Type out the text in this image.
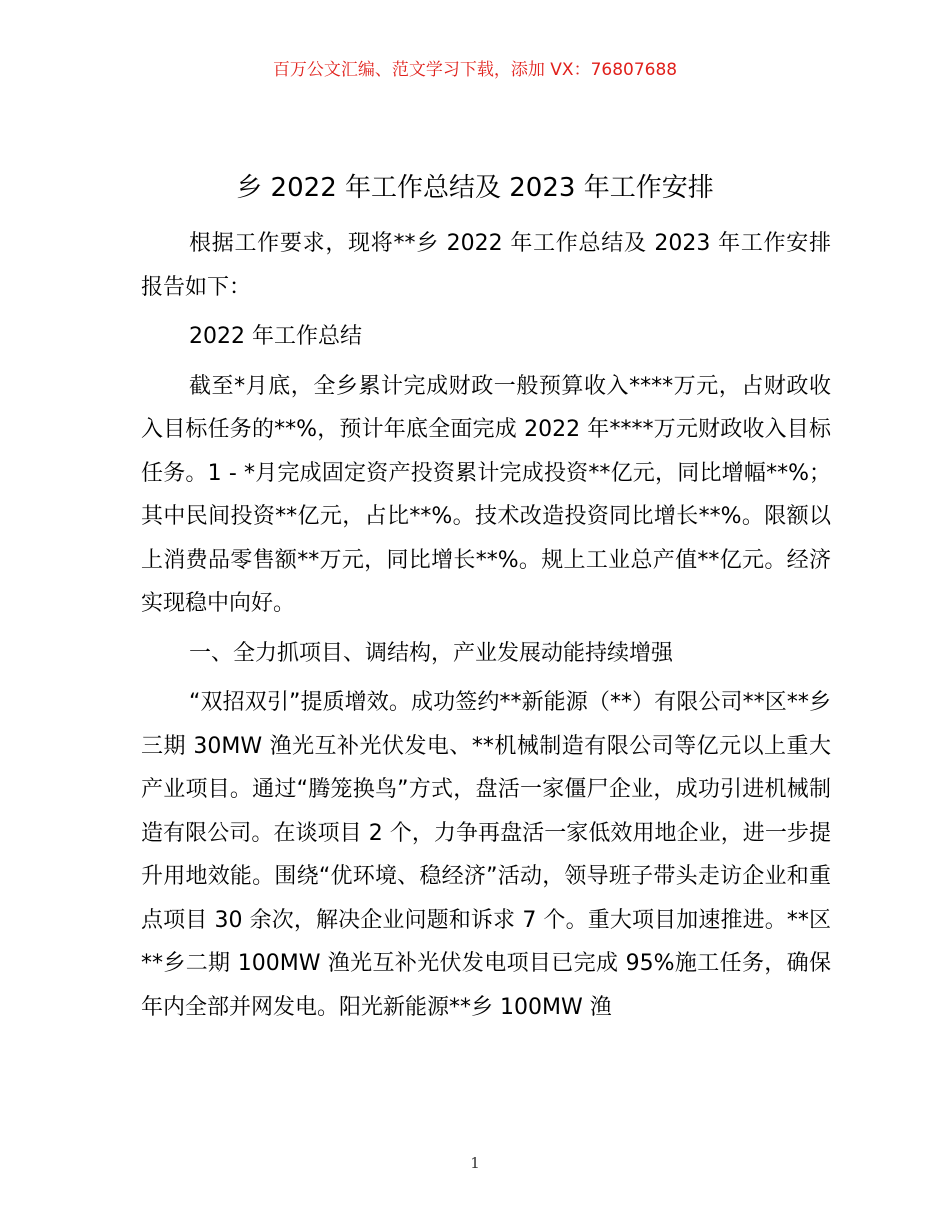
百万公文汇编、范文学习下载，添加 VX：76807688
乡 2022 年工作总结及 2023 年工作安排

根据工作要求，现将**乡 2022 年工作总结及 2023 年工作安排报告如下：

2022 年工作总结

截至*月底，全乡累计完成财政一般预算收入****万元，占财政收入目标任务的**%，预计年底全面完成 2022 年****万元财政收入目标任务。1 - *月完成固定资产投资累计完成投资**亿元，同比增幅**%；其中民间投资**亿元，占比**%。技术改造投资同比增长**%。限额以上消费品零售额**万元，同比增长**%。规上工业总产值**亿元。经济实现稳中向好。

一、全力抓项目、调结构，产业发展动能持续增强

“双招双引”提质增效。成功签约**新能源（**）有限公司**区**乡三期 30MW 渔光互补光伏发电、**机械制造有限公司等亿元以上重大产业项目。通过“腾笼换鸟”方式，盘活一家僵尸企业，成功引进机械制造有限公司。在谈项目 2 个，力争再盘活一家低效用地企业，进一步提升用地效能。围绕“优环境、稳经济”活动，领导班子带头走访企业和重点项目 30 余次，解决企业问题和诉求 7 个。重大项目加速推进。**区**乡二期 100MW 渔光互补光伏发电项目已完成 95%施工任务，确保年内全部并网发电。阳光新能源**乡 100MW 渔

1
